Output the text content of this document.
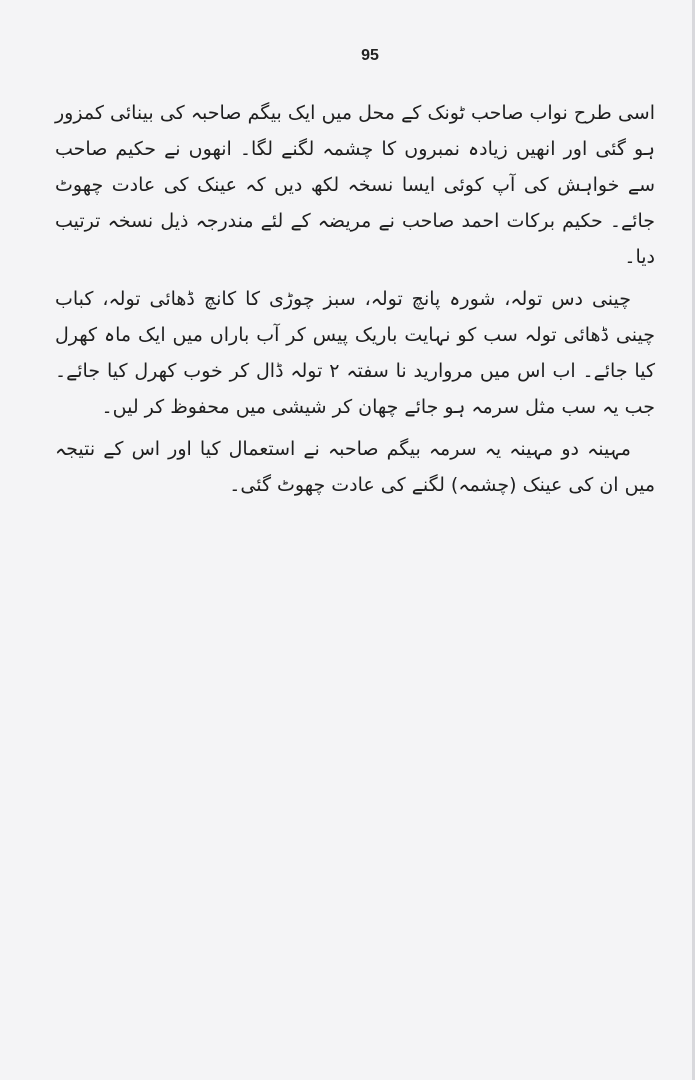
95

اسی طرح نواب صاحب ٹونک کے محل میں ایک بیگم صاحبہ کی بینائی کمزور ہو گئی اور انھیں زیادہ نمبروں کا چشمہ لگنے لگا۔ انھوں نے حکیم صاحب سے خواہش کی آپ کوئی ایسا نسخہ لکھ دیں کہ عینک کی عادت چھوٹ جائے۔ حکیم برکات احمد صاحب نے مریضہ کے لئے مندرجہ ذیل نسخہ ترتیب دیا۔

چینی دس تولہ، شورہ پانچ تولہ، سبز چوڑی کا کانچ ڈھائی تولہ، کباب چینی ڈھائی تولہ سب کو نہایت باریک پیس کر آب باراں میں ایک ماہ کھرل کیا جائے۔ اب اس میں مروارید نا سفتہ ۲ تولہ ڈال کر خوب کھرل کیا جائے۔ جب یہ سب مثل سرمہ ہو جائے چھان کر شیشی میں محفوظ کر لیں۔

مہینہ دو مہینہ یہ سرمہ بیگم صاحبہ نے استعمال کیا اور اس کے نتیجہ میں ان کی عینک (چشمہ) لگنے کی عادت چھوٹ گئی۔
